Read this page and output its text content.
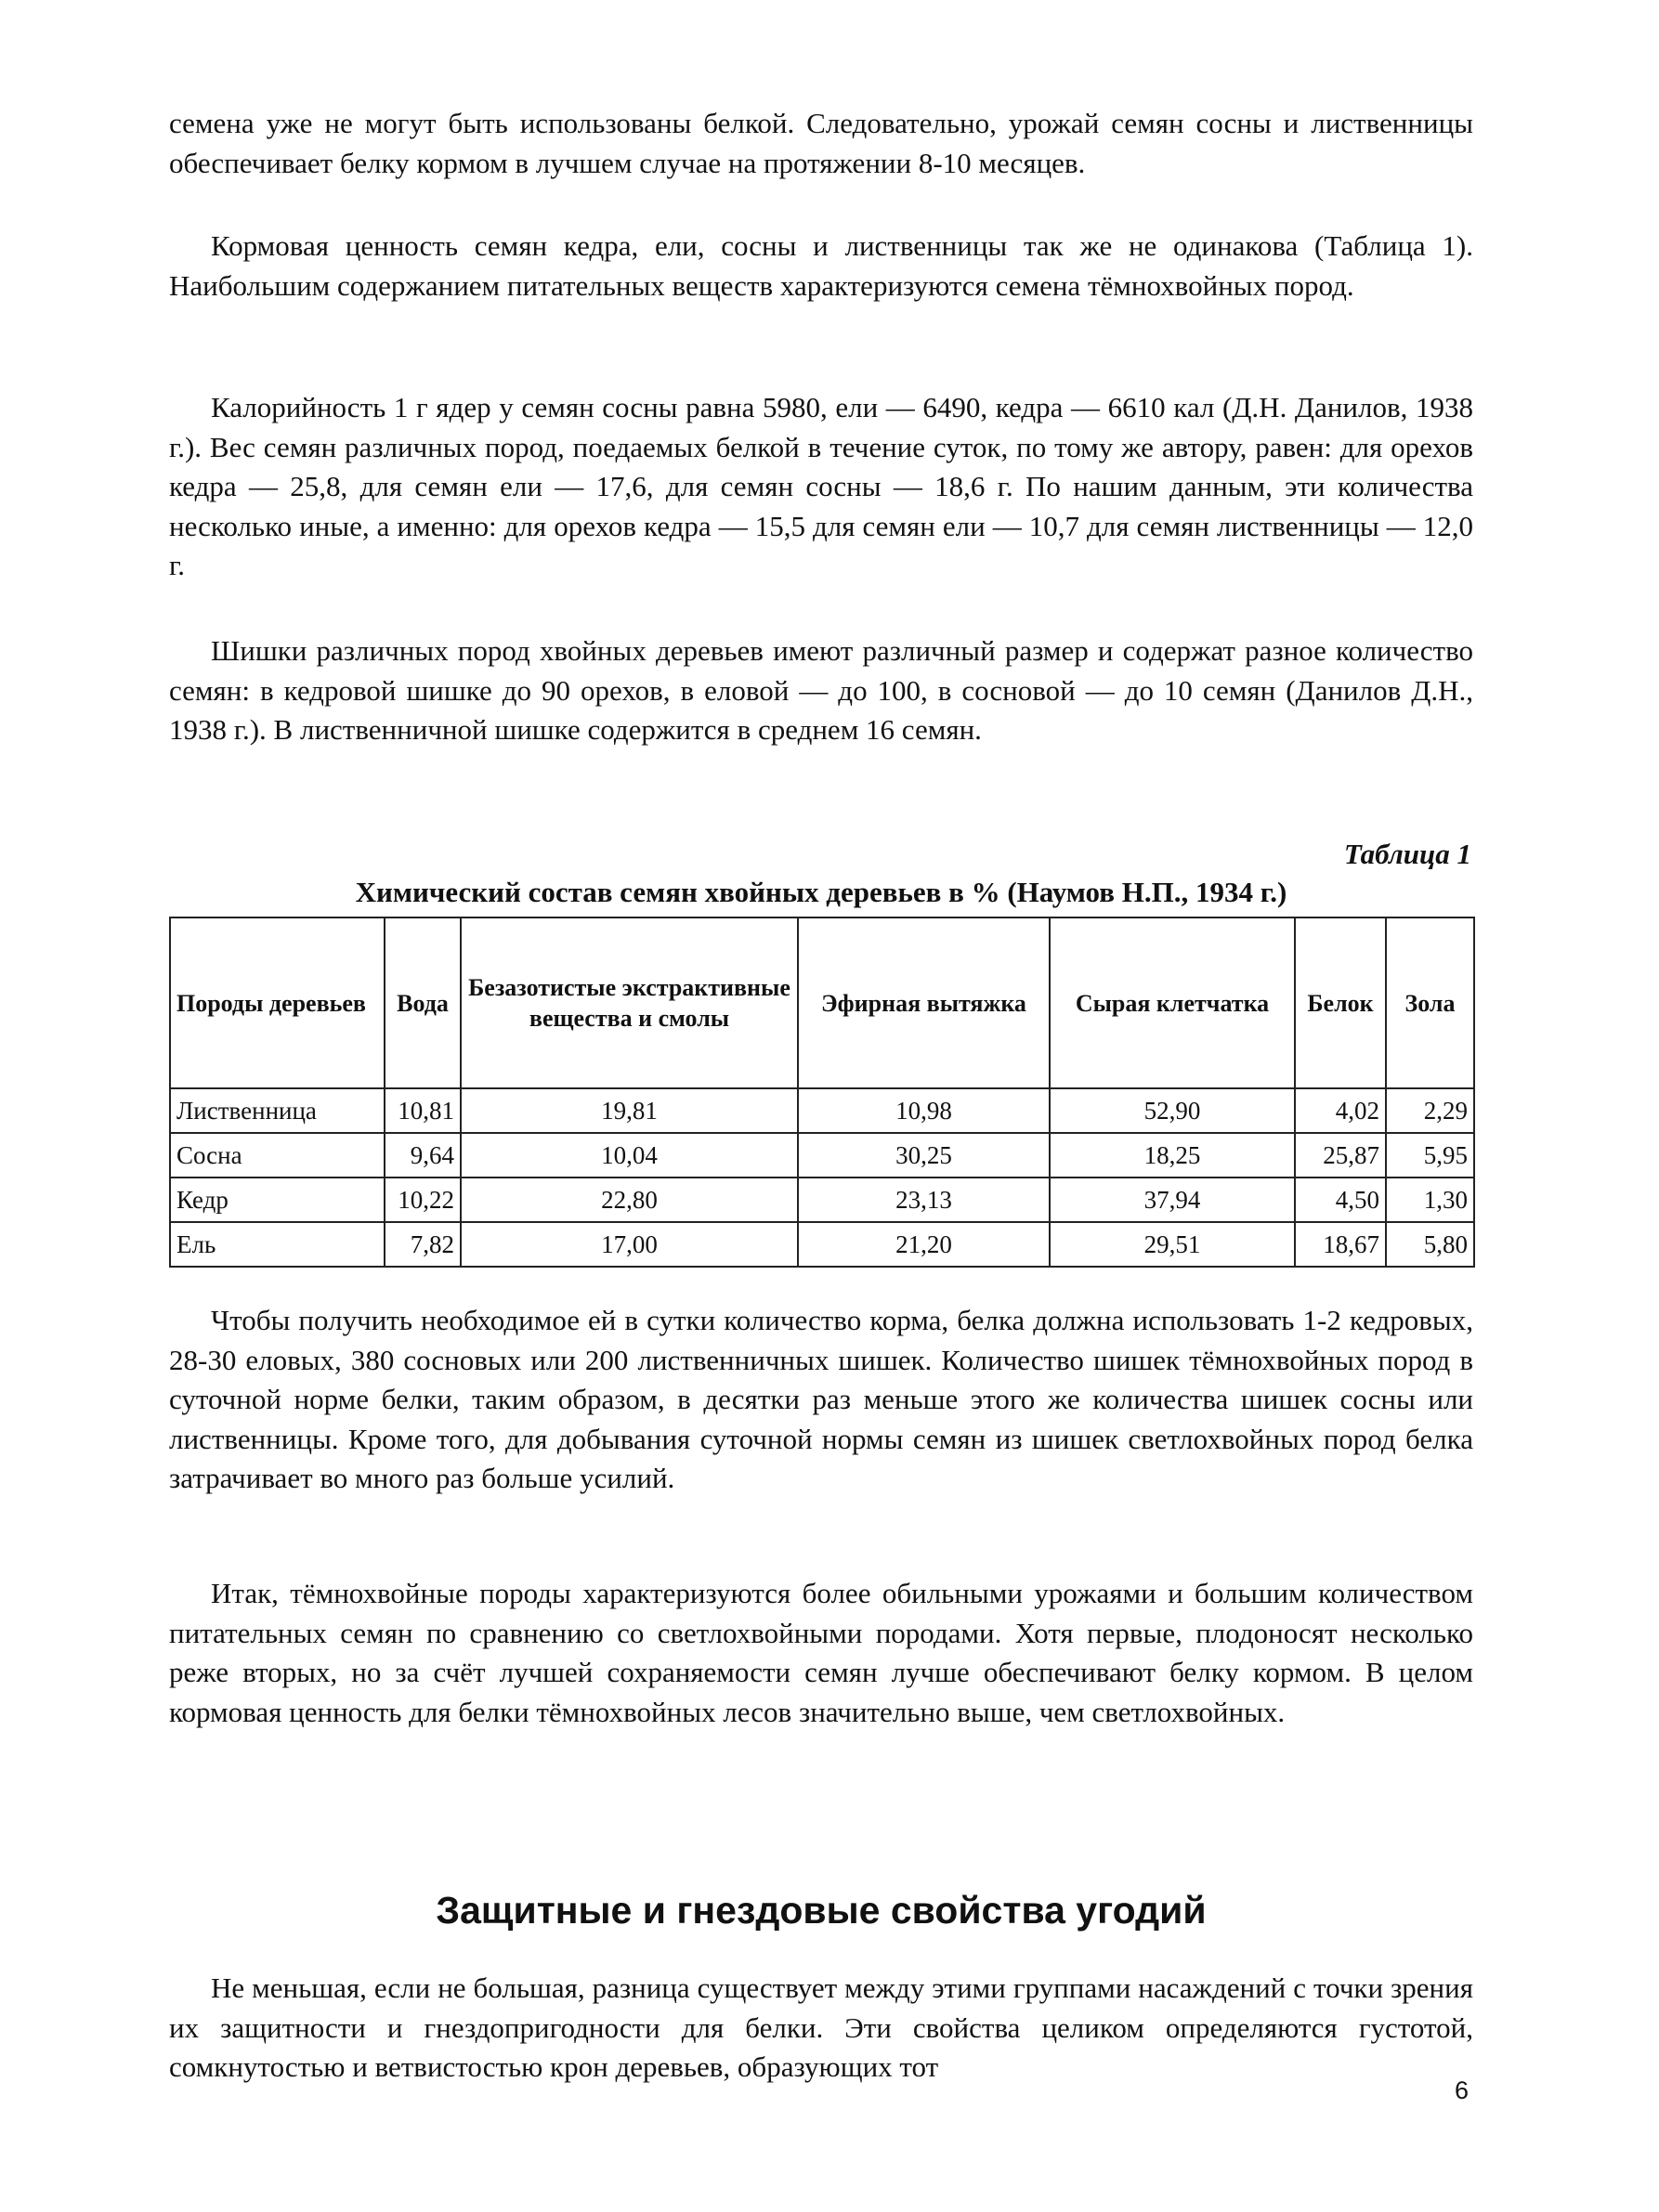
семена уже не могут быть использованы белкой. Следовательно, урожай семян сосны и лиственницы обеспечивает белку кормом в лучшем случае на протяжении 8-10 месяцев.

Кормовая ценность семян кедра, ели, сосны и лиственницы так же не одинакова (Таблица 1). Наибольшим содержанием питательных веществ характеризуются семена тёмнохвойных пород.

Калорийность 1 г ядер у семян сосны равна 5980, ели — 6490, кедра — 6610 кал (Д.Н. Данилов, 1938 г.). Вес семян различных пород, поедаемых белкой в течение суток, по тому же автору, равен: для орехов кедра — 25,8, для семян ели — 17,6, для семян сосны — 18,6 г. По нашим данным, эти количества несколько иные, а именно: для орехов кедра — 15,5 для семян ели — 10,7 для семян лиственницы — 12,0 г.

Шишки различных пород хвойных деревьев имеют различный размер и содержат разное количество семян: в кедровой шишке до 90 орехов, в еловой — до 100, в сосновой — до 10 семян (Данилов Д.Н., 1938 г.). В лиственничной шишке содержится в среднем 16 семян.

Таблица 1
Химический состав семян хвойных деревьев в % (Наумов Н.П., 1934 г.)
Породы дерев‌ьев	Вода	Безазотистые экстрактивные вещества и смолы	Эфирная вытяжка	Сырая клетчатка	Белок	Зола
Лиственница	10,81	19,81	10,98	52,90	4,02	2,29
Сосна	9,64	10,04	30,25	18,25	25,87	5,95
Кедр	10,22	22,80	23,13	37,94	4,50	1,30
Ель	7,82	17,00	21,20	29,51	18,67	5,80

Чтобы получить необходимое ей в сутки количество корма, белка должна использовать 1-2 кедровых, 28-30 еловых, 380 сосновых или 200 лиственничных шишек. Количество шишек тёмнохвойных пород в суточной норме белки, таким образом, в десятки раз меньше этого же количества шишек сосны или лиственницы. Кроме того, для добывания суточной нормы семян из шишек светлохвойных пород белка затрачивает во много раз больше усилий.

Итак, тёмнохвойные породы характеризуются более обильными урожаями и большим количеством питательных семян по сравнению со светлохвойными породами. Хотя первые, плодоносят несколько реже вторых, но за счёт лучшей сохраняемости семян лучше обеспечивают белку кормом. В целом кормовая ценность для белки тёмнохвойных лесов значительно выше, чем светлохвойных.

Защитные и гнездовые свойства угодий

Не меньшая, если не большая, разница существует между этими группами насаждений с точки зрения их защитности и гнездопригодности для белки. Эти свойства целиком определяются густотой, сомкнутостью и ветвистостью крон деревьев, образующих тот

6
